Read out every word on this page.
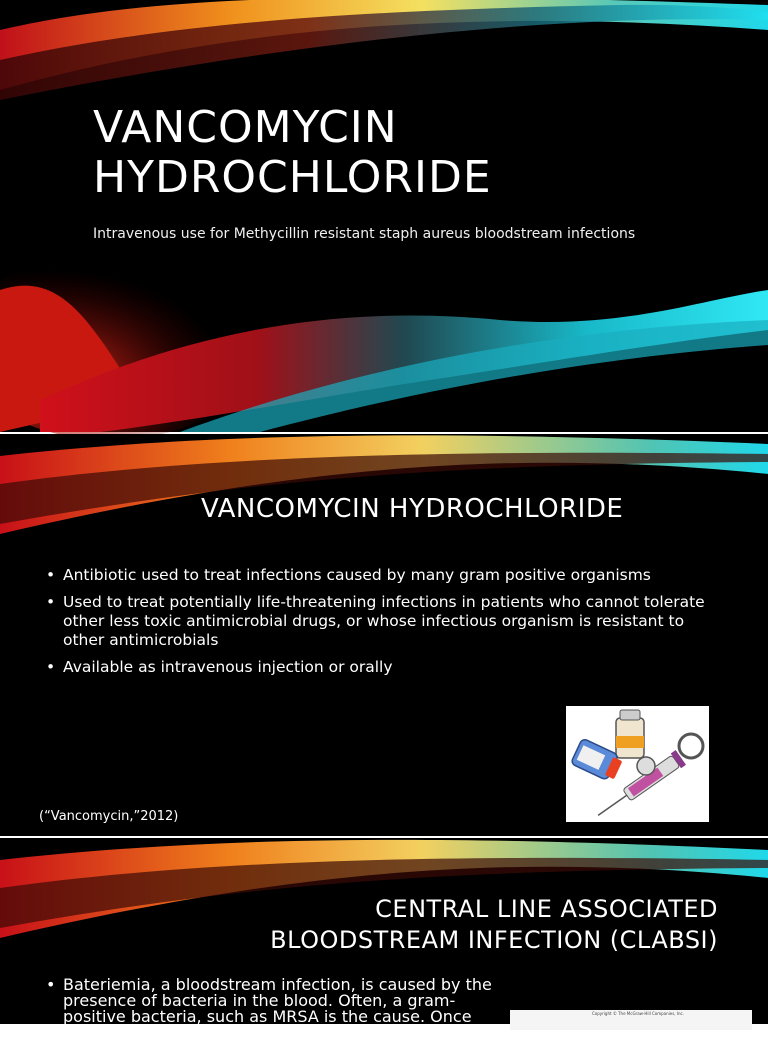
VANCOMYCIN
HYDROCHLORIDE
Intravenous use for Methycillin resistant staph aureus bloodstream infections
VANCOMYCIN HYDROCHLORIDE
• Antibiotic used to treat infections caused by many gram positive organisms
• Used to treat potentially life-threatening infections in patients who cannot tolerate other less toxic antimicrobial drugs, or whose infectious organism is resistant to other antimicrobials
• Available as intravenous injection or orally
(“Vancomycin,”2012)
CENTRAL LINE ASSOCIATED
BLOODSTREAM INFECTION (CLABSI)
• Bateriemia, a bloodstream infection, is caused by the presence of bacteria in the blood. Often, a gram-positive bacteria, such as MRSA is the cause. Once bacteria enters
Copyright © The McGraw-Hill Companies, Inc.
